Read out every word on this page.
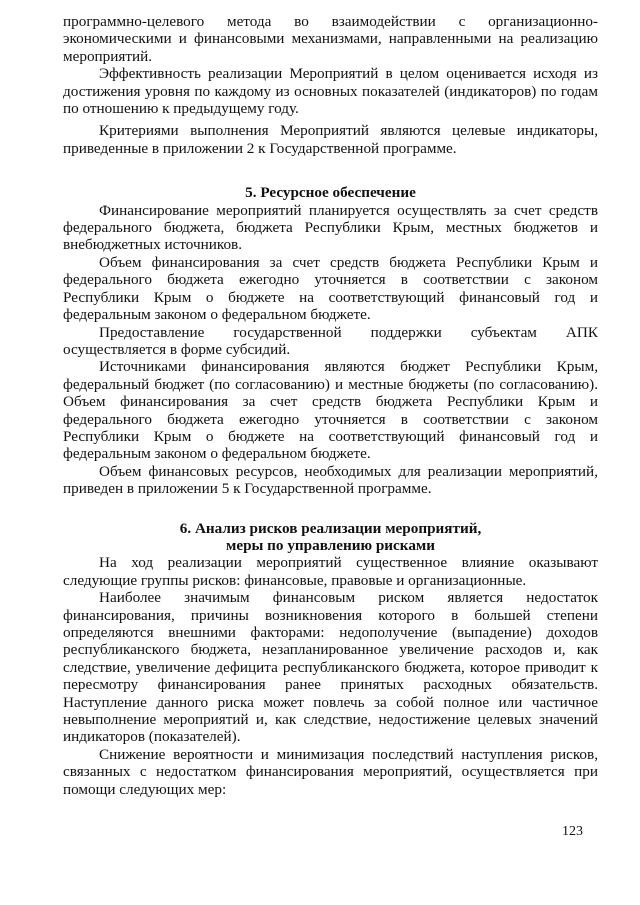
программно-целевого метода во взаимодействии с организационно-экономическими и финансовыми механизмами, направленными на реализацию мероприятий.

Эффективность реализации Мероприятий в целом оценивается исходя из достижения уровня по каждому из основных показателей (индикаторов) по годам по отношению к предыдущему году.

Критериями выполнения Мероприятий являются целевые индикаторы, приведенные в приложении 2 к Государственной программе.

5. Ресурсное обеспечение

Финансирование мероприятий планируется осуществлять за счет средств федерального бюджета, бюджета Республики Крым, местных бюджетов и внебюджетных источников.

Объем финансирования за счет средств бюджета Республики Крым и федерального бюджета ежегодно уточняется в соответствии с законом Республики Крым о бюджете на соответствующий финансовый год и федеральным законом о федеральном бюджете.

Предоставление государственной поддержки субъектам АПК осуществляется в форме субсидий.

Источниками финансирования являются бюджет Республики Крым, федеральный бюджет (по согласованию) и местные бюджеты (по согласованию). Объем финансирования за счет средств бюджета Республики Крым и федерального бюджета ежегодно уточняется в соответствии с законом Республики Крым о бюджете на соответствующий финансовый год и федеральным законом о федеральном бюджете.

Объем финансовых ресурсов, необходимых для реализации мероприятий, приведен в приложении 5 к Государственной программе.

6. Анализ рисков реализации мероприятий,
меры по управлению рисками

На ход реализации мероприятий существенное влияние оказывают следующие группы рисков: финансовые, правовые и организационные.

Наиболее значимым финансовым риском является недостаток финансирования, причины возникновения которого в большей степени определяются внешними факторами: недополучение (выпадение) доходов республиканского бюджета, незапланированное увеличение расходов и, как следствие, увеличение дефицита республиканского бюджета, которое приводит к пересмотру финансирования ранее принятых расходных обязательств. Наступление данного риска может повлечь за собой полное или частичное невыполнение мероприятий и, как следствие, недостижение целевых значений индикаторов (показателей).

Снижение вероятности и минимизация последствий наступления рисков, связанных с недостатком финансирования мероприятий, осуществляется при помощи следующих мер:

123
